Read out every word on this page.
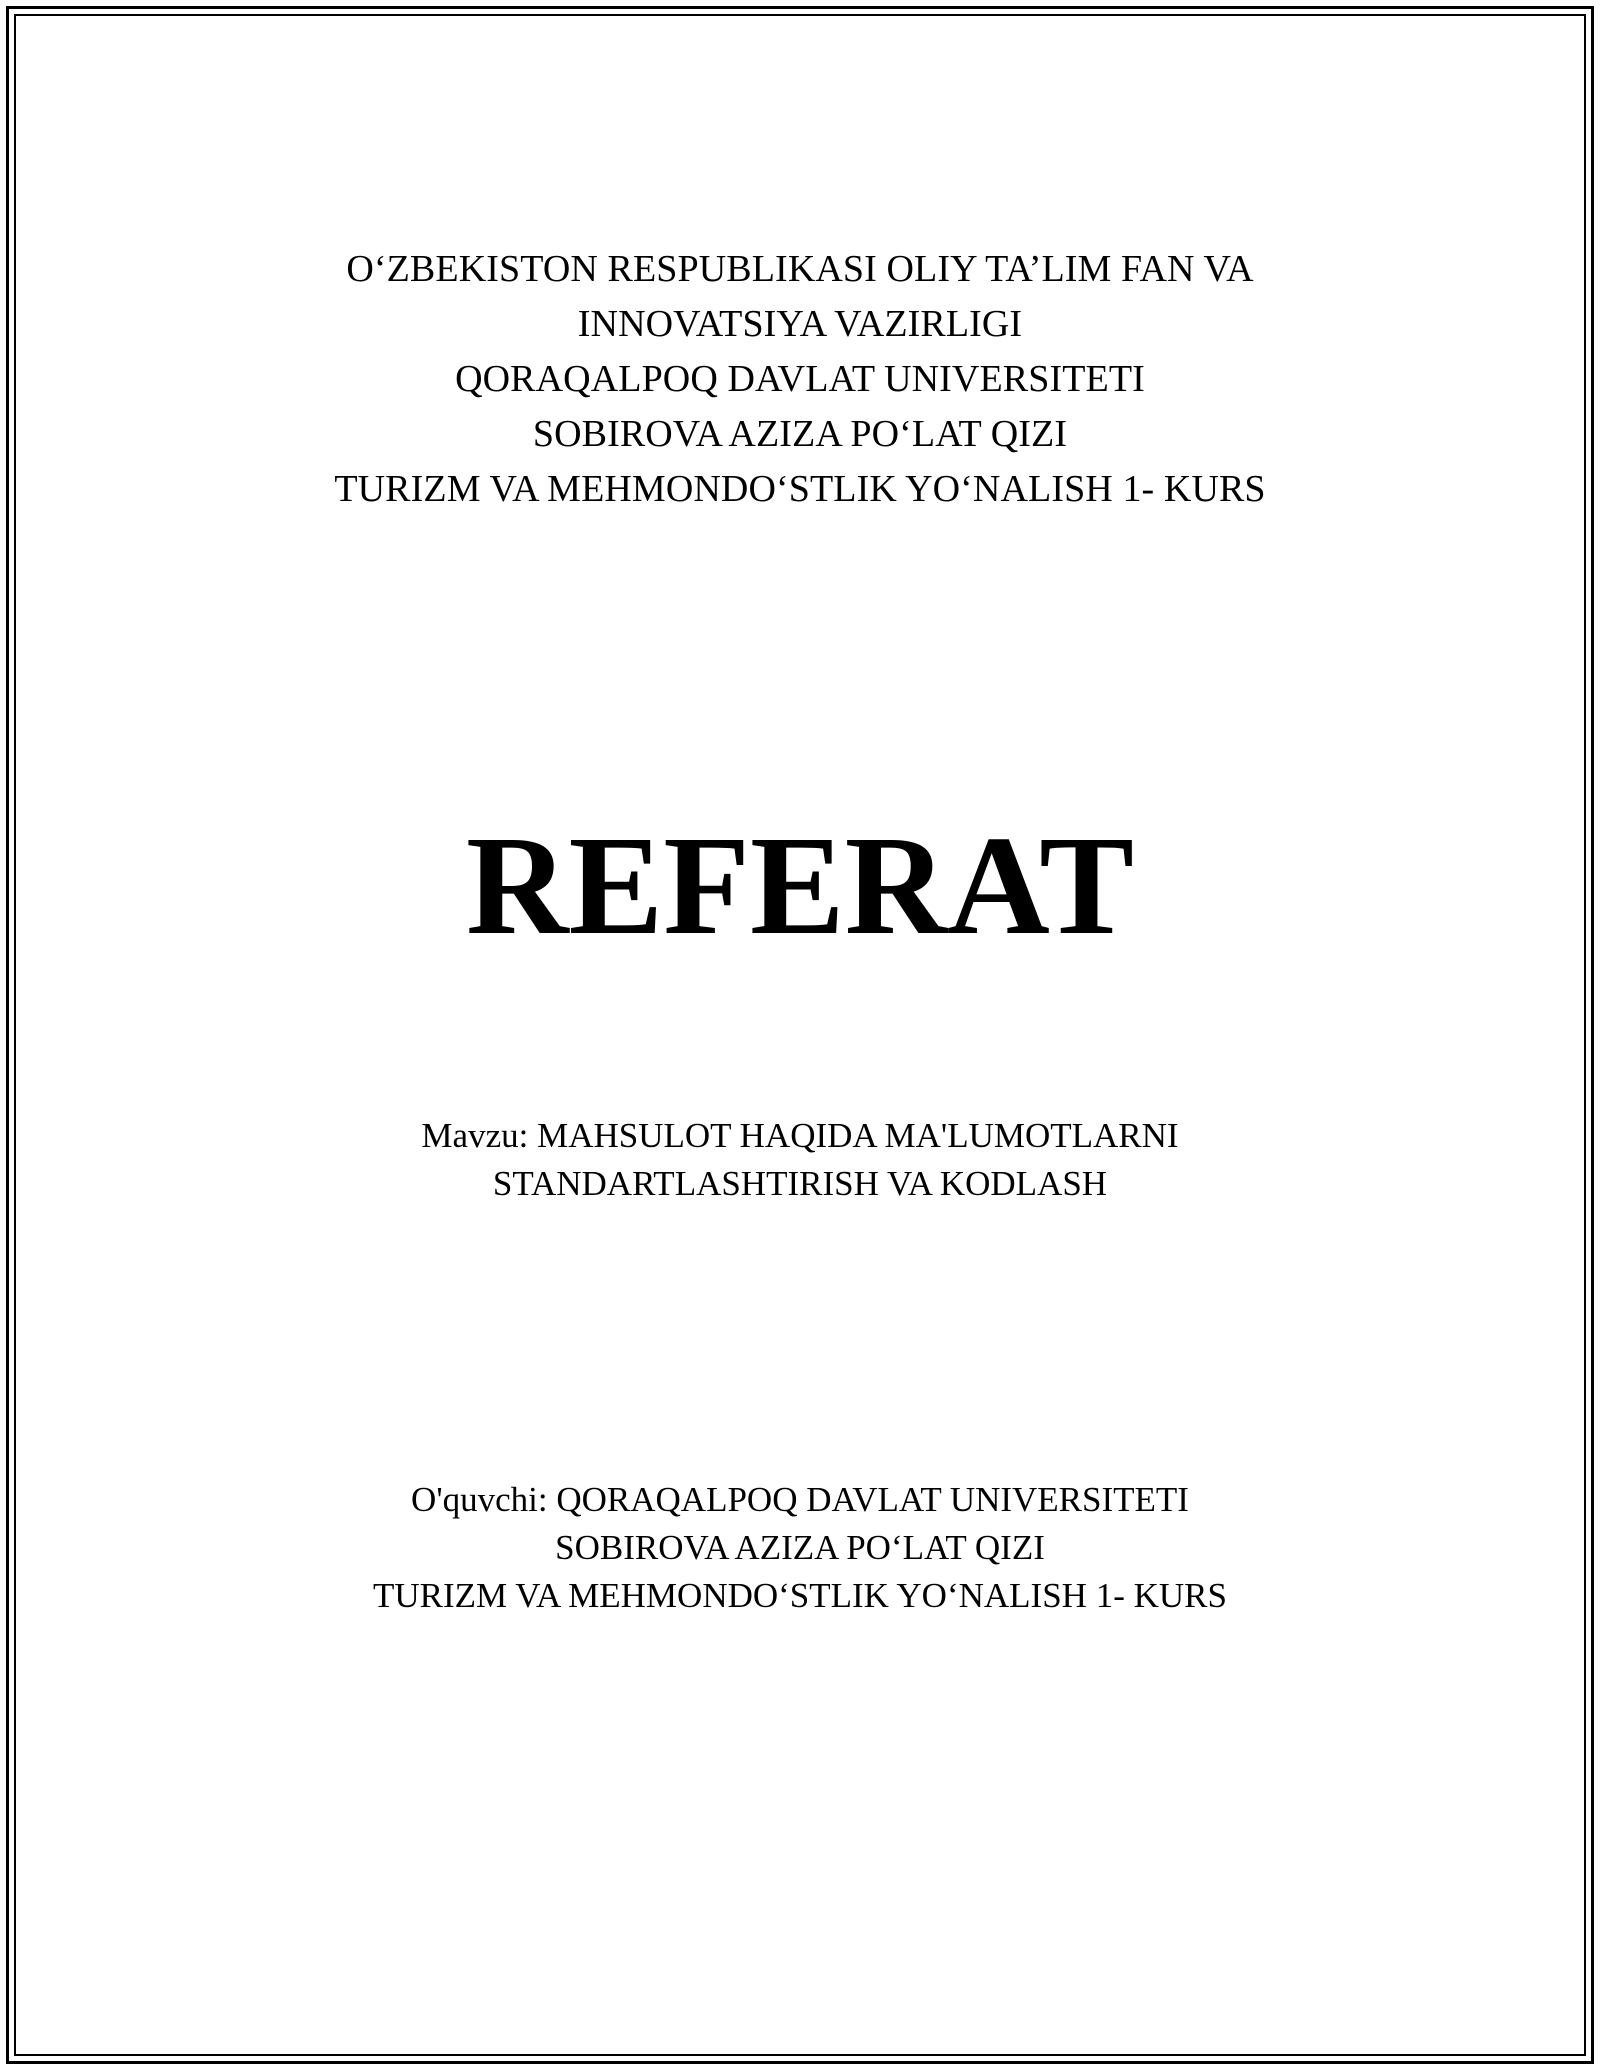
O‘ZBEKISTON RESPUBLIKASI OLIY TA’LIM FAN VA
INNOVATSIYA VAZIRLIGI
QORAQALPOQ DAVLAT UNIVERSITETI
SOBIROVA AZIZA PO‘LAT QIZI
TURIZM VA MEHMONDO‘STLIK YO‘NALISH 1- KURS
REFERAT
Mavzu: MAHSULOT HAQIDA MA'LUMOTLARNI
STANDARTLASHTIRISH VA KODLASH
O'quvchi: QORAQALPOQ DAVLAT UNIVERSITETI
SOBIROVA AZIZA PO‘LAT QIZI
TURIZM VA MEHMONDO‘STLIK YO‘NALISH 1- KURS
